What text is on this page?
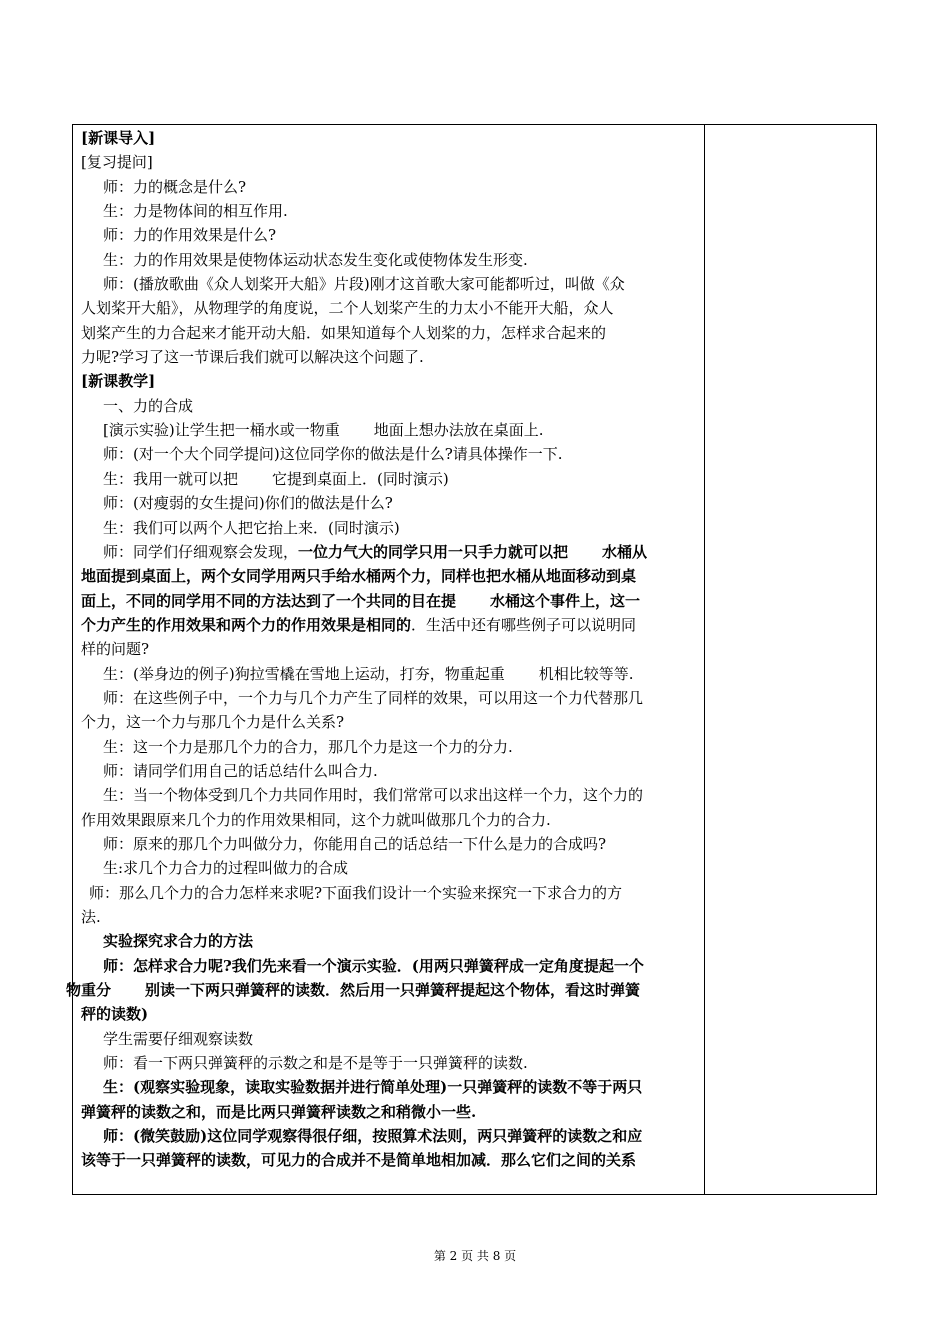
[新课导入]
[复习提问]
师：力的概念是什么?
生：力是物体间的相互作用.
师：力的作用效果是什么?
生：力的作用效果是使物体运动状态发生变化或使物体发生形变.
师：(播放歌曲《众人划桨开大船》片段)刚才这首歌大家可能都听过，叫做《众
人划桨开大船》，从物理学的角度说，二个人划桨产生的力太小不能开大船，众人
划桨产生的力合起来才能开动大船．如果知道每个人划桨的力，怎样求合起来的
力呢?学习了这一节课后我们就可以解决这个问题了.
[新课教学]
一、力的合成
[演示实验)让学生把一桶水或一物重 地面上想办法放在桌面上.
师：(对一个大个同学提问)这位同学你的做法是什么?请具体操作一下.
生：我用一就可以把 它提到桌面上．(同时演示)
师：(对瘦弱的女生提问)你们的做法是什么?
生：我们可以两个人把它抬上来．(同时演示)
师：同学们仔细观察会发现，一位力气大的同学只用一只手力就可以把 水桶从
地面提到桌面上，两个女同学用两只手给水桶两个力，同样也把水桶从地面移动到桌
面上，不同的同学用不同的方法达到了一个共同的目在提 水桶这个事件上，这一
个力产生的作用效果和两个力的作用效果是相同的．生活中还有哪些例子可以说明同
样的问题?
生：(举身边的例子)狗拉雪橇在雪地上运动，打夯，物重起重 机相比较等等.
师：在这些例子中，一个力与几个力产生了同样的效果，可以用这一个力代替那几
个力，这一个力与那几个力是什么关系?
生：这一个力是那几个力的合力，那几个力是这一个力的分力.
师：请同学们用自己的话总结什么叫合力.
生：当一个物体受到几个力共同作用时，我们常常可以求出这样一个力，这个力的
作用效果跟原来几个力的作用效果相同，这个力就叫做那几个力的合力.
师：原来的那几个力叫做分力，你能用自己的话总结一下什么是力的合成吗?
生:求几个力合力的过程叫做力的合成
师：那么几个力的合力怎样来求呢?下面我们设计一个实验来探究一下求合力的方
法.
实验探究求合力的方法
师：怎样求合力呢?我们先来看一个演示实验．(用两只弹簧秤成一定角度提起一个
物重分 别读一下两只弹簧秤的读数．然后用一只弹簧秤提起这个物体，看这时弹簧
秤的读数)
学生需要仔细观察读数
师：看一下两只弹簧秤的示数之和是不是等于一只弹簧秤的读数.
生：(观察实验现象，读取实验数据并进行简单处理)一只弹簧秤的读数不等于两只
弹簧秤的读数之和，而是比两只弹簧秤读数之和稍微小一些.
师：(微笑鼓励)这位同学观察得很仔细，按照算术法则，两只弹簧秤的读数之和应
该等于一只弹簧秤的读数，可见力的合成并不是简单地相加减．那么它们之间的关系
第 2 页 共 8 页
